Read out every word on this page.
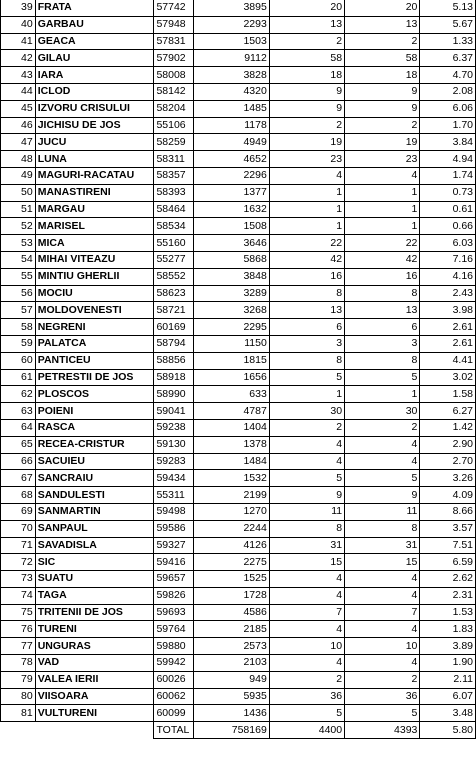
39	FRATA	57742	3895	20	20	5.13
40	GARBAU	57948	2293	13	13	5.67
41	GEACA	57831	1503	2	2	1.33
42	GILAU	57902	9112	58	58	6.37
43	IARA	58008	3828	18	18	4.70
44	ICLOD	58142	4320	9	9	2.08
45	IZVORU CRISULUI	58204	1485	9	9	6.06
46	JICHISU DE JOS	55106	1178	2	2	1.70
47	JUCU	58259	4949	19	19	3.84
48	LUNA	58311	4652	23	23	4.94
49	MAGURI-RACATAU	58357	2296	4	4	1.74
50	MANASTIRENI	58393	1377	1	1	0.73
51	MARGAU	58464	1632	1	1	0.61
52	MARISEL	58534	1508	1	1	0.66
53	MICA	55160	3646	22	22	6.03
54	MIHAI VITEAZU	55277	5868	42	42	7.16
55	MINTIU GHERLII	58552	3848	16	16	4.16
56	MOCIU	58623	3289	8	8	2.43
57	MOLDOVENESTI	58721	3268	13	13	3.98
58	NEGRENI	60169	2295	6	6	2.61
59	PALATCA	58794	1150	3	3	2.61
60	PANTICEU	58856	1815	8	8	4.41
61	PETRESTII DE JOS	58918	1656	5	5	3.02
62	PLOSCOS	58990	633	1	1	1.58
63	POIENI	59041	4787	30	30	6.27
64	RASCA	59238	1404	2	2	1.42
65	RECEA-CRISTUR	59130	1378	4	4	2.90
66	SACUIEU	59283	1484	4	4	2.70
67	SANCRAIU	59434	1532	5	5	3.26
68	SANDULESTI	55311	2199	9	9	4.09
69	SANMARTIN	59498	1270	11	11	8.66
70	SANPAUL	59586	2244	8	8	3.57
71	SAVADISLA	59327	4126	31	31	7.51
72	SIC	59416	2275	15	15	6.59
73	SUATU	59657	1525	4	4	2.62
74	TAGA	59826	1728	4	4	2.31
75	TRITENII DE JOS	59693	4586	7	7	1.53
76	TURENI	59764	2185	4	4	1.83
77	UNGURAS	59880	2573	10	10	3.89
78	VAD	59942	2103	4	4	1.90
79	VALEA IERII	60026	949	2	2	2.11
80	VIISOARA	60062	5935	36	36	6.07
81	VULTURENI	60099	1436	5	5	3.48
		TOTAL	758169	4400	4393	5.80
